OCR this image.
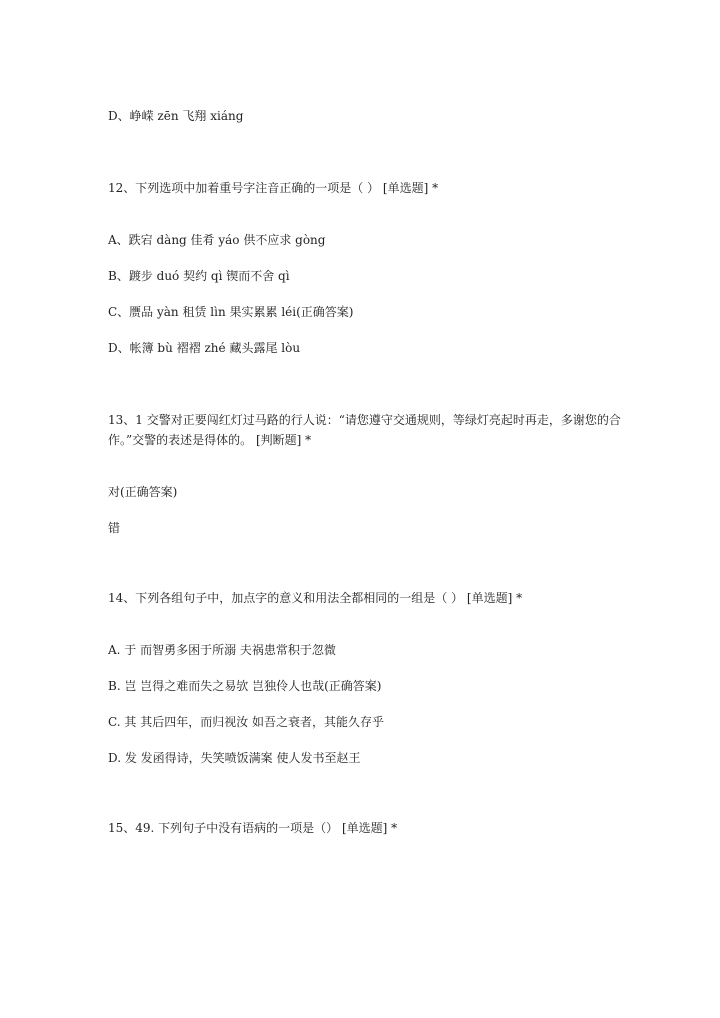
D、峥嵘 zēn 飞翔 xiáng
12、下列选项中加着重号字注音正确的一项是（ ） [单选题] *
A、跌宕 dàng 佳肴 yáo 供不应求 gòng
B、踱步 duó 契约 qì 锲而不舍 qì
C、赝品 yàn 租赁 lìn 果实累累 léi(正确答案)
D、帐簿 bù 褶褶 zhé 藏头露尾 lòu
13、1 交警对正要闯红灯过马路的行人说：“请您遵守交通规则，等绿灯亮起时再走，多谢您的合作。”交警的表述是得体的。 [判断题] *
对(正确答案)
错
14、下列各组句子中，加点字的意义和用法全都相同的一组是（ ） [单选题] *
A. 于 而智勇多困于所溺 夫祸患常积于忽微
B. 岂 岂得之难而失之易欤 岂独伶人也哉(正确答案)
C. 其 其后四年，而归视汝 如吾之衰者，其能久存乎
D. 发 发函得诗，失笑喷饭满案 使人发书至赵王
15、49. 下列句子中没有语病的一项是（） [单选题] *
